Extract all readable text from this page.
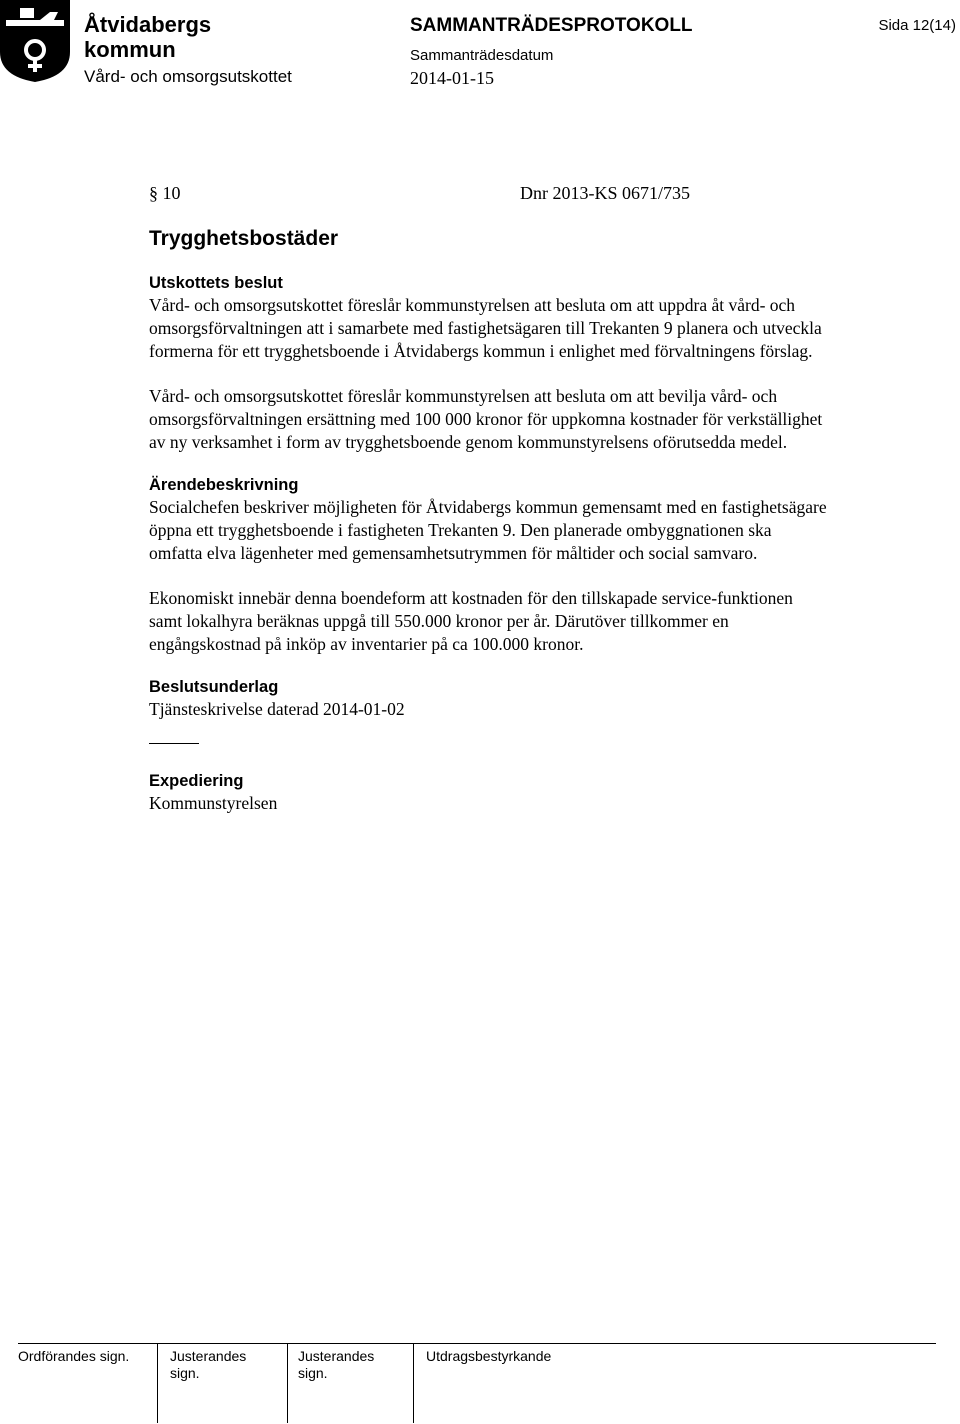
Åtvidabergs
kommun
Vård- och omsorgsutskottet
SAMMANTRÄDESPROTOKOLL
Sammanträdesdatum
2014-01-15
Sida 12(14)
§ 10	Dnr 2013-KS 0671/735
Trygghetsbostäder
Utskottets beslut

Vård- och omsorgsutskottet föreslår kommunstyrelsen att besluta om att uppdra åt vård- och omsorgsförvaltningen att i samarbete med fastighetsägaren till Trekanten 9 planera och utveckla formerna för ett trygghetsboende i Åtvidabergs kommun i enlighet med förvaltningens förslag.

Vård- och omsorgsutskottet föreslår kommunstyrelsen att besluta om att bevilja vård- och omsorgsförvaltningen ersättning med 100 000 kronor för uppkomna kostnader för verkställighet av ny verksamhet i form av trygghetsboende genom kommunstyrelsens oförutsedda medel.

Ärendebeskrivning

Socialchefen beskriver möjligheten för Åtvidabergs kommun gemensamt med en fastighetsägare öppna ett trygghetsboende i fastigheten Trekanten 9. Den planerade ombyggnationen ska omfatta elva lägenheter med gemensamhetsutrymmen för måltider och social samvaro.

Ekonomiskt innebär denna boendeform att kostnaden för den tillskapade service-funktionen samt lokalhyra beräknas uppgå till 550.000 kronor per år. Därutöver tillkommer en engångskostnad på inköp av inventarier på ca 100.000 kronor.

Beslutsunderlag

Tjänsteskrivelse daterad 2014-01-02

Expediering

Kommunstyrelsen

Ordförandes sign.	Justerandes
sign.
Justerandes
sign.
Utdragsbestyrkande
